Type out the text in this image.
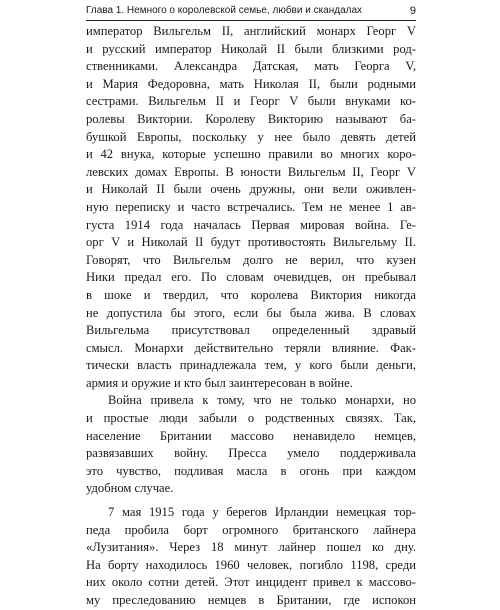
Глава 1. Немного о королевской семье, любви и скандалах	9
император Вильгельм II, английский монарх Георг V
и русский император Николай II были близкими род-
ственниками. Александра Датская, мать Георга V,
и Мария Федоровна, мать Николая II, были родными
сестрами. Вильгельм II и Георг V были внуками ко-
ролевы Виктории. Королеву Викторию называют ба-
бушкой Европы, поскольку у нее было девять детей
и 42 внука, которые успешно правили во многих коро-
левских домах Европы. В юности Вильгельм II, Георг V
и Николай II были очень дружны, они вели оживлен-
ную переписку и часто встречались. Тем не менее 1 ав-
густа 1914 года началась Первая мировая война. Ге-
орг V и Николай II будут противостоять Вильгельму II.
Говорят, что Вильгельм долго не верил, что кузен
Ники предал его. По словам очевидцев, он пребывал
в шоке и твердил, что королева Виктория никогда
не допустила бы этого, если бы была жива. В словах
Вильгельма присутствовал определенный здравый
смысл. Монархи действительно теряли влияние. Фак-
тически власть принадлежала тем, у кого были деньги,
армия и оружие и кто был заинтересован в войне.
Война привела к тому, что не только монархи, но
и простые люди забыли о родственных связях. Так,
население Британии массово ненавидело немцев,
развязавших войну. Пресса умело поддерживала
это чувство, подливая масла в огонь при каждом
удобном случае.
7 мая 1915 года у берегов Ирландии немецкая тор-
педа пробила борт огромного британского лайнера
«Лузитания». Через 18 минут лайнер пошел ко дну.
На борту находилось 1960 человек, погибло 1198, среди
них около сотни детей. Этот инцидент привел к массово-
му преследованию немцев в Британии, где испокон
